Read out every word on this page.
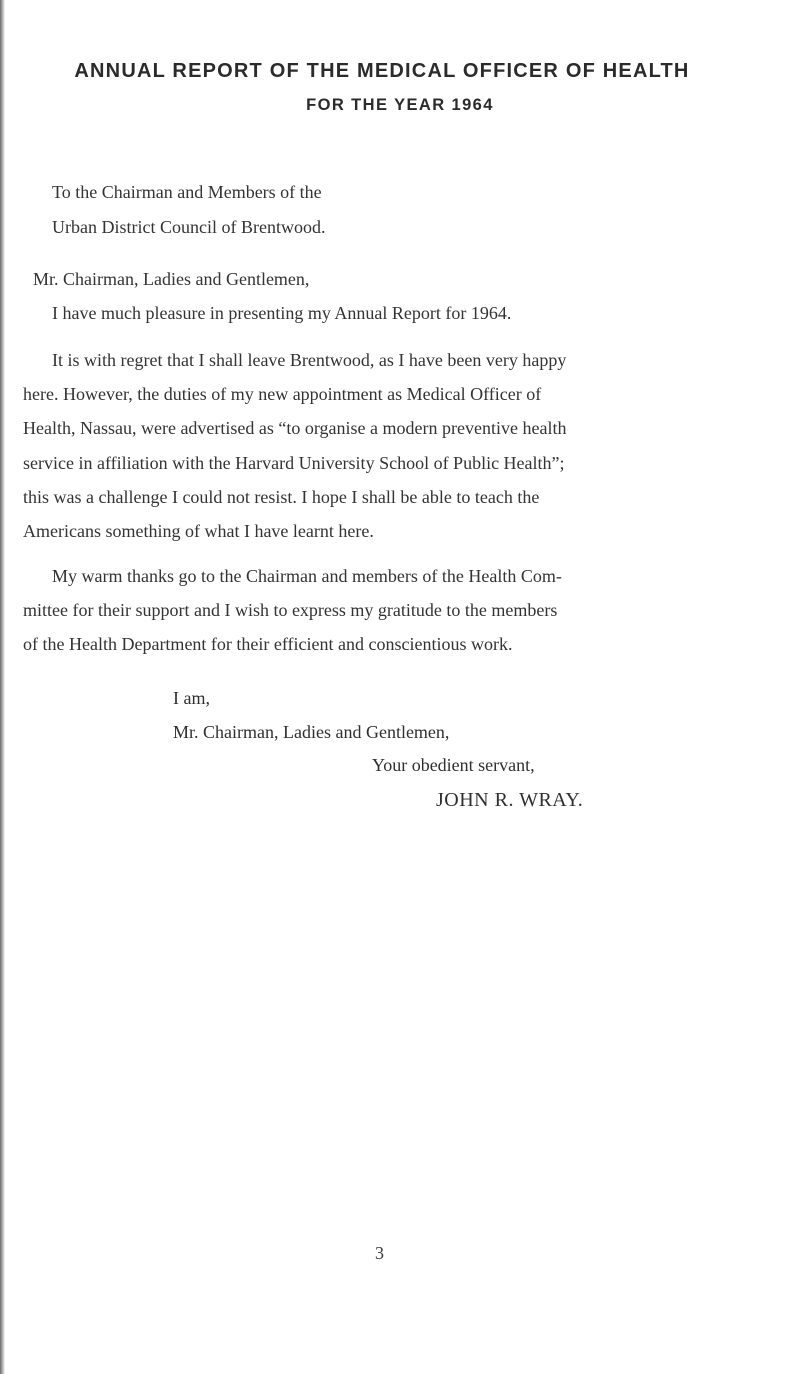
ANNUAL REPORT OF THE MEDICAL OFFICER OF HEALTH
FOR THE YEAR 1964
To the Chairman and Members of the
Urban District Council of Brentwood.
Mr. Chairman, Ladies and Gentlemen,
I have much pleasure in presenting my Annual Report for 1964.
It is with regret that I shall leave Brentwood, as I have been very happy
here. However, the duties of my new appointment as Medical Officer of
Health, Nassau, were advertised as “to organise a modern preventive health
service in affiliation with the Harvard University School of Public Health”;
this was a challenge I could not resist. I hope I shall be able to teach the
Americans something of what I have learnt here.
My warm thanks go to the Chairman and members of the Health Com-
mittee for their support and I wish to express my gratitude to the members
of the Health Department for their efficient and conscientious work.
I am,
Mr. Chairman, Ladies and Gentlemen,
Your obedient servant,
JOHN R. WRAY.
3
